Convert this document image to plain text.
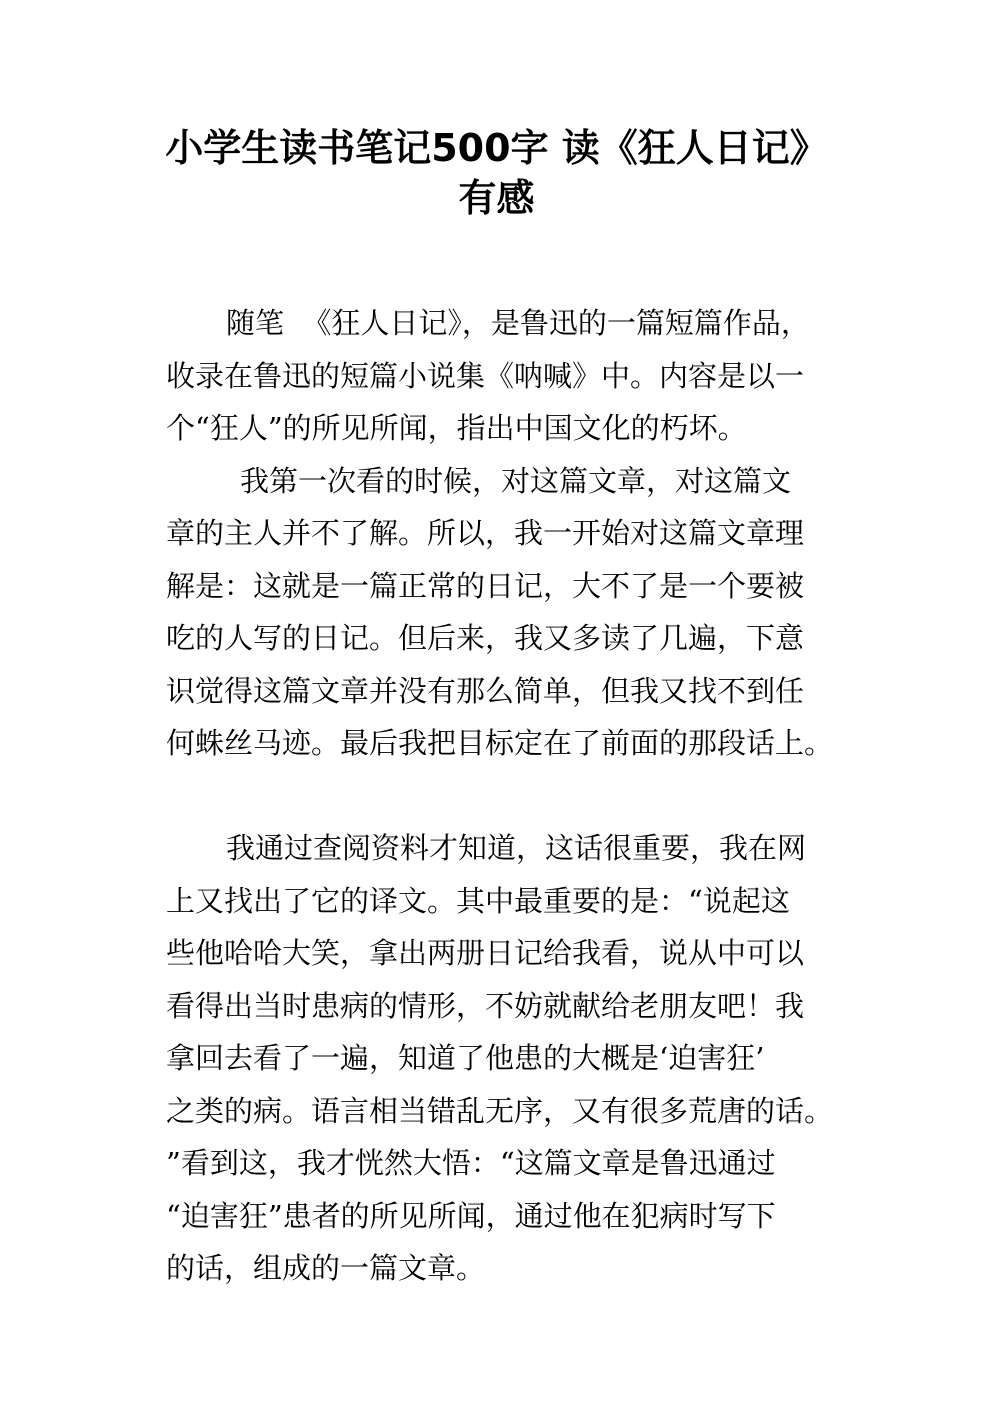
小学生读书笔记500字 读《狂人日记》
有感
随笔  《狂人日记》，是鲁迅的一篇短篇作品，
收录在鲁迅的短篇小说集《呐喊》中。内容是以一
个“狂人”的所见所闻，指出中国文化的朽坏。
我第一次看的时候，对这篇文章，对这篇文
章的主人并不了解。所以，我一开始对这篇文章理
解是：这就是一篇正常的日记，大不了是一个要被
吃的人写的日记。但后来，我又多读了几遍，下意
识觉得这篇文章并没有那么简单，但我又找不到任
何蛛丝马迹。最后我把目标定在了前面的那段话上。
我通过查阅资料才知道，这话很重要，我在网
上又找出了它的译文。其中最重要的是：“说起这
些他哈哈大笑，拿出两册日记给我看，说从中可以
看得出当时患病的情形，不妨就献给老朋友吧！我
拿回去看了一遍，知道了他患的大概是‘迫害狂’
之类的病。语言相当错乱无序，又有很多荒唐的话。
”看到这，我才恍然大悟：“这篇文章是鲁迅通过
“迫害狂”患者的所见所闻，通过他在犯病时写下
的话，组成的一篇文章。
